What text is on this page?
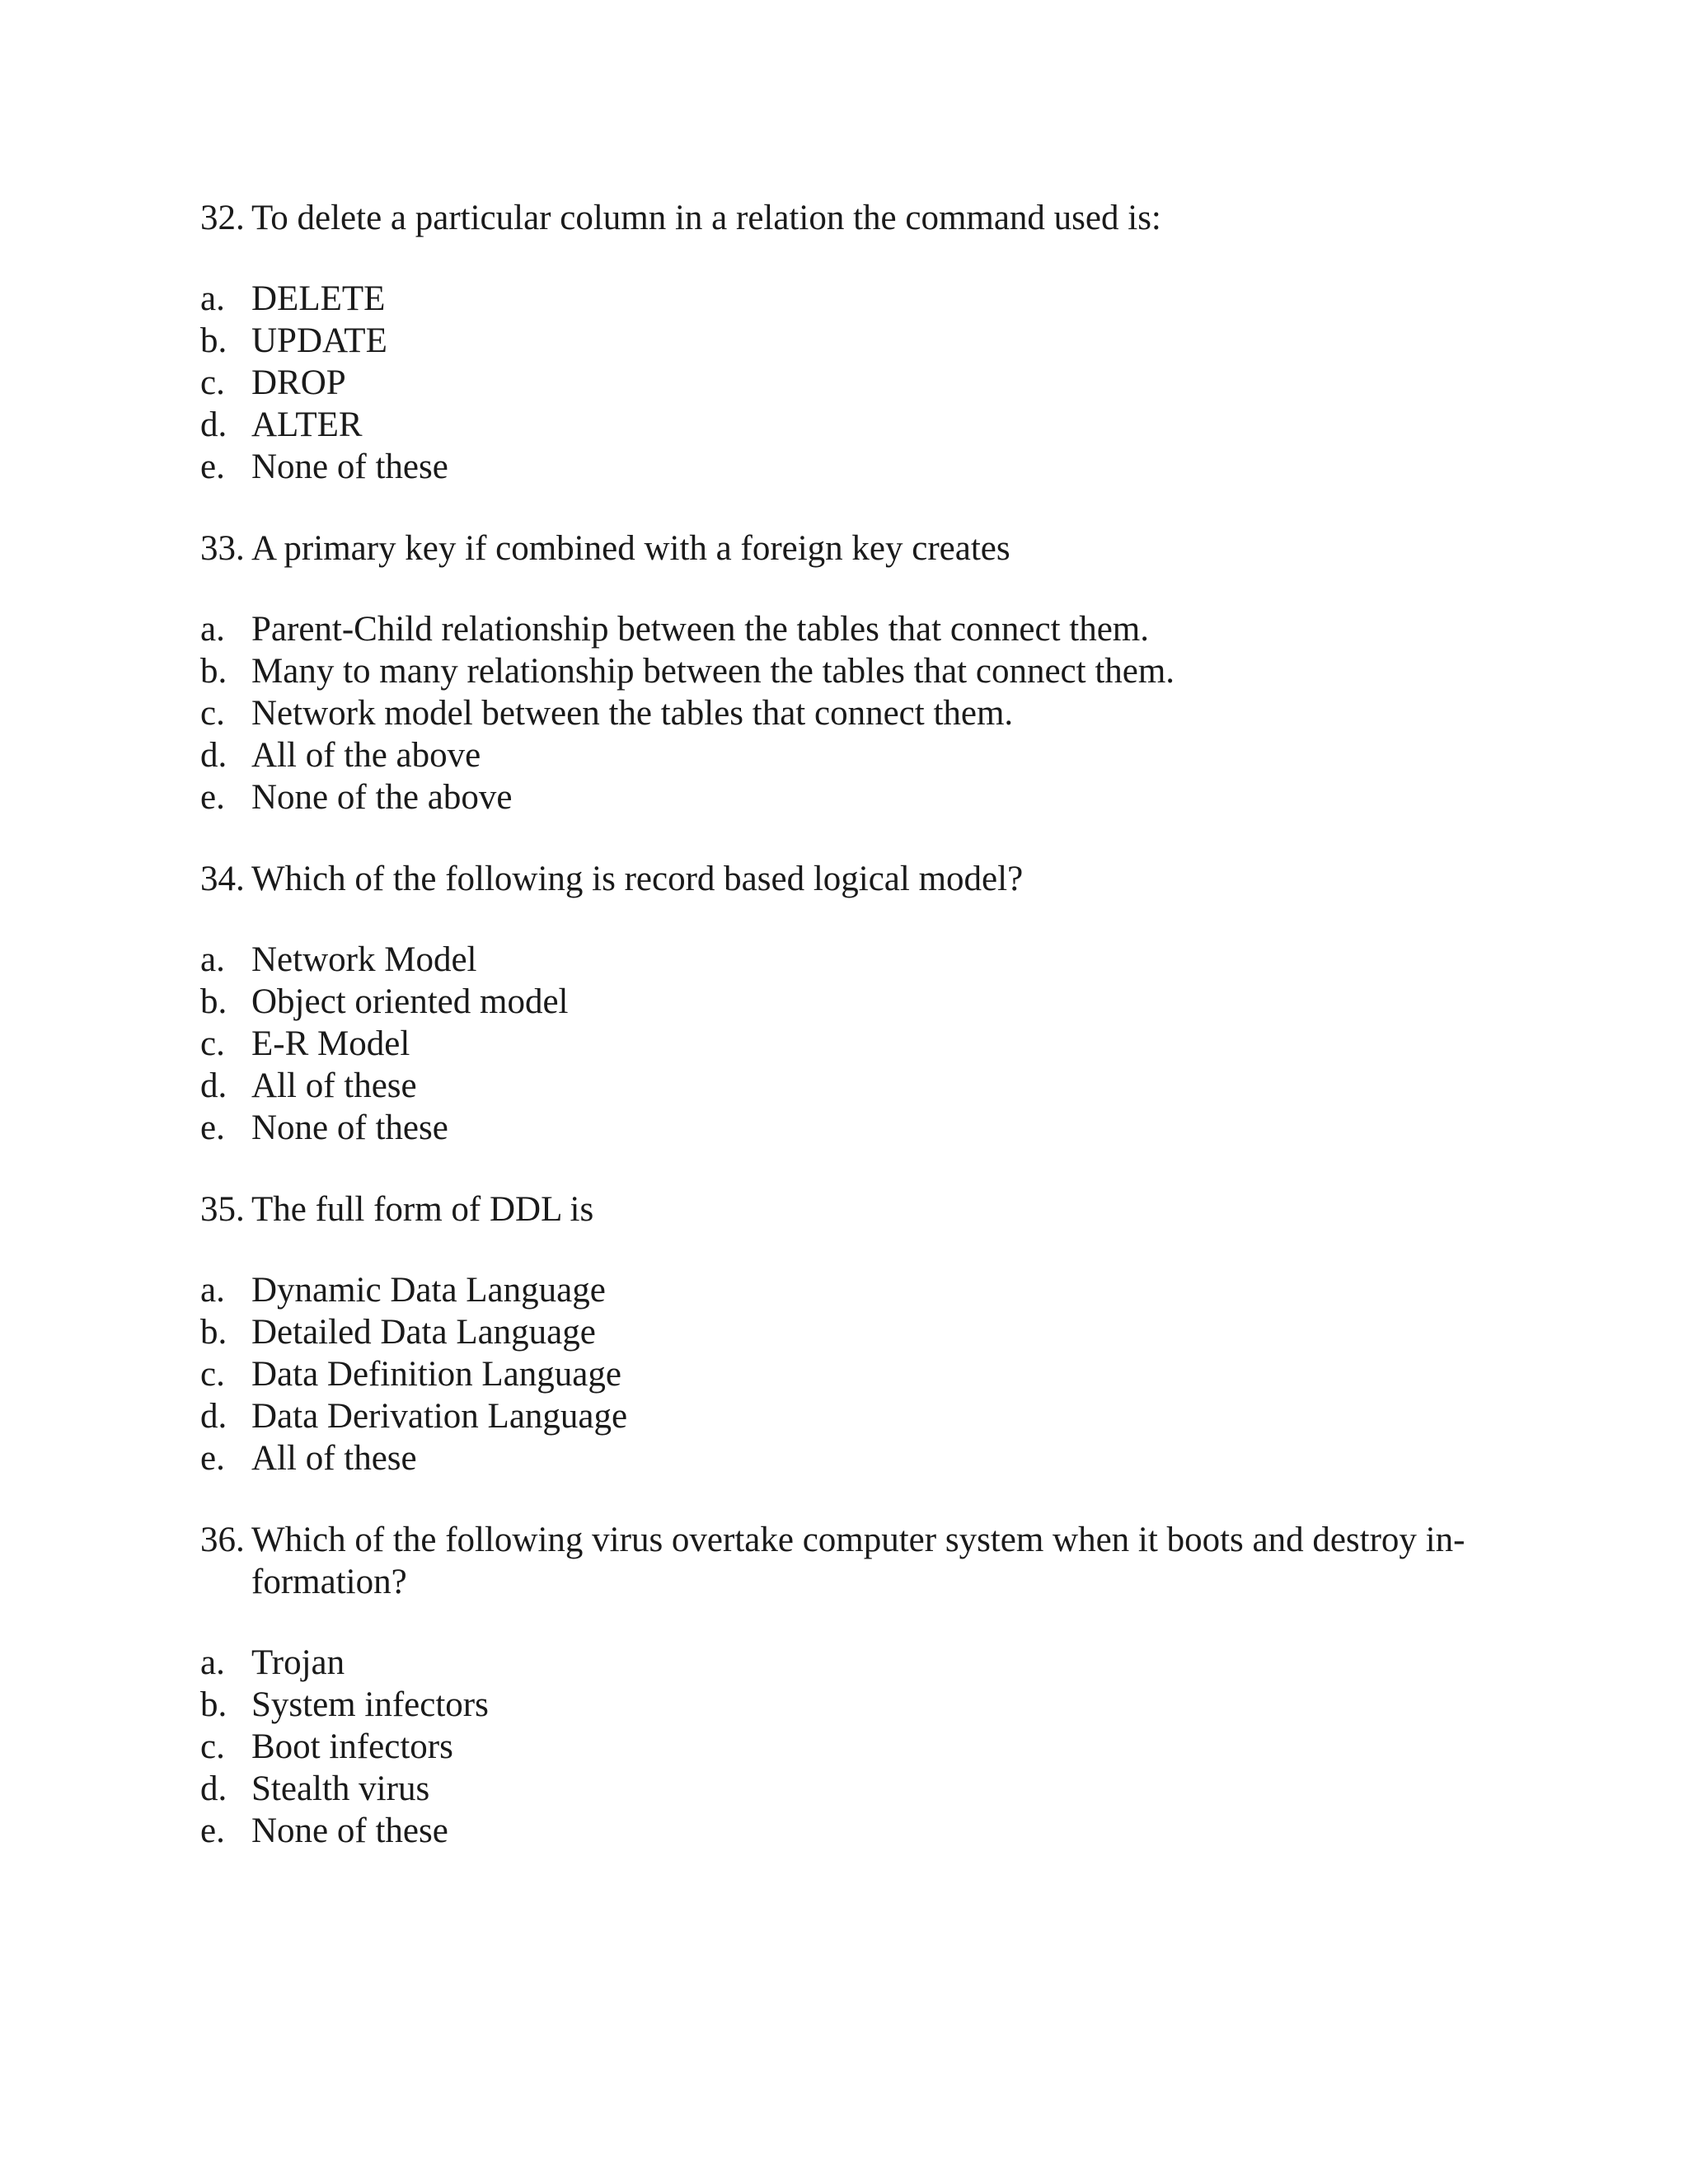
32. To delete a particular column in a relation the command used is:
a. DELETE
b. UPDATE
c. DROP
d. ALTER
e. None of these
33. A primary key if combined with a foreign key creates
a. Parent-Child relationship between the tables that connect them.
b. Many to many relationship between the tables that connect them.
c. Network model between the tables that connect them.
d. All of the above
e. None of the above
34. Which of the following is record based logical model?
a. Network Model
b. Object oriented model
c. E-R Model
d. All of these
e. None of these
35. The full form of DDL is
a. Dynamic Data Language
b. Detailed Data Language
c. Data Definition Language
d. Data Derivation Language
e. All of these
36. Which of the following virus overtake computer system when it boots and destroy in-formation?
a. Trojan
b. System infectors
c. Boot infectors
d. Stealth virus
e. None of these
